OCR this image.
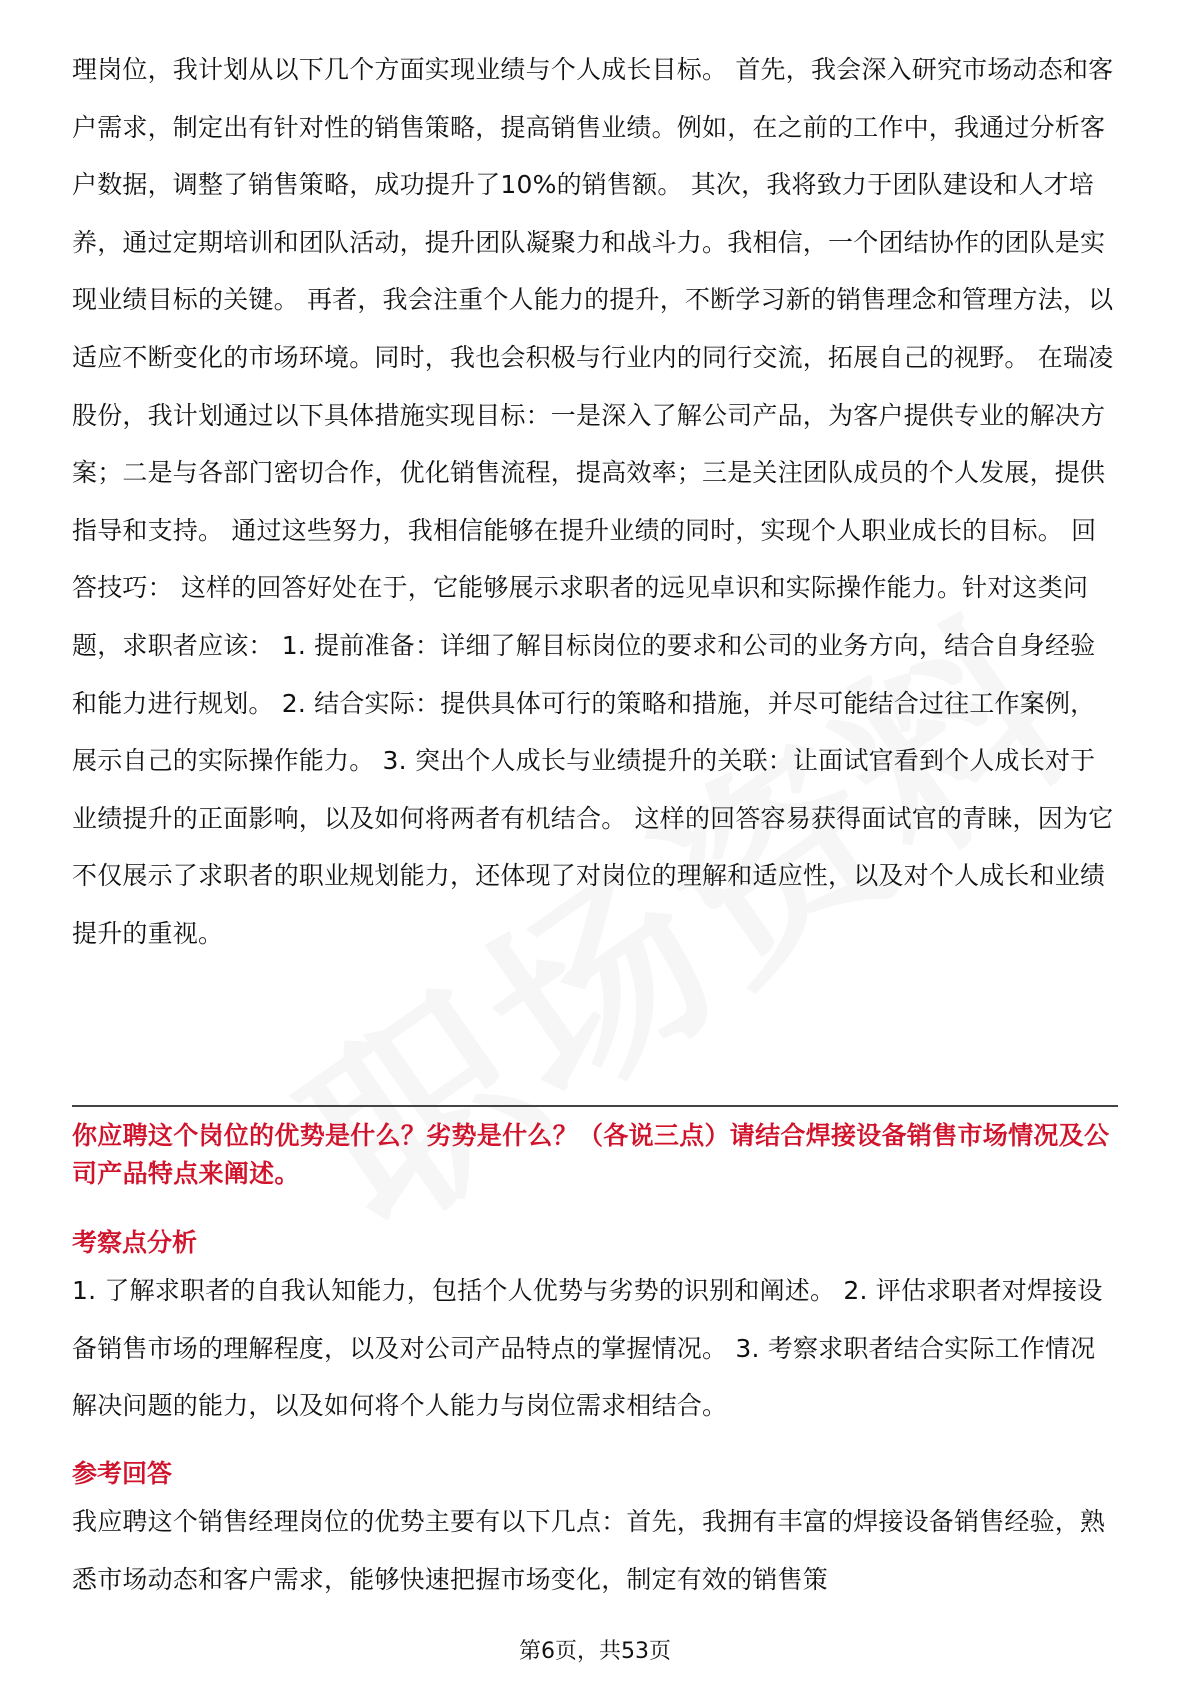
理岗位，我计划从以下几个方面实现业绩与个人成长目标。 首先，我会深入研究市场动态和客户需求，制定出有针对性的销售策略，提高销售业绩。例如，在之前的工作中，我通过分析客户数据，调整了销售策略，成功提升了10%的销售额。 其次，我将致力于团队建设和人才培养，通过定期培训和团队活动，提升团队凝聚力和战斗力。我相信，一个团结协作的团队是实现业绩目标的关键。 再者，我会注重个人能力的提升，不断学习新的销售理念和管理方法，以适应不断变化的市场环境。同时，我也会积极与行业内的同行交流，拓展自己的视野。 在瑞凌股份，我计划通过以下具体措施实现目标：一是深入了解公司产品，为客户提供专业的解决方案；二是与各部门密切合作，优化销售流程，提高效率；三是关注团队成员的个人发展，提供指导和支持。 通过这些努力，我相信能够在提升业绩的同时，实现个人职业成长的目标。 回答技巧： 这样的回答好处在于，它能够展示求职者的远见卓识和实际操作能力。针对这类问题，求职者应该： 1. 提前准备：详细了解目标岗位的要求和公司的业务方向，结合自身经验和能力进行规划。 2. 结合实际：提供具体可行的策略和措施，并尽可能结合过往工作案例，展示自己的实际操作能力。 3. 突出个人成长与业绩提升的关联：让面试官看到个人成长对于业绩提升的正面影响，以及如何将两者有机结合。 这样的回答容易获得面试官的青睐，因为它不仅展示了求职者的职业规划能力，还体现了对岗位的理解和适应性，以及对个人成长和业绩提升的重视。

你应聘这个岗位的优势是什么？劣势是什么？（各说三点）请结合焊接设备销售市场情况及公司产品特点来阐述。

考察点分析

1. 了解求职者的自我认知能力，包括个人优势与劣势的识别和阐述。 2. 评估求职者对焊接设备销售市场的理解程度，以及对公司产品特点的掌握情况。 3. 考察求职者结合实际工作情况解决问题的能力，以及如何将个人能力与岗位需求相结合。

参考回答

我应聘这个销售经理岗位的优势主要有以下几点：首先，我拥有丰富的焊接设备销售经验，熟悉市场动态和客户需求，能够快速把握市场变化，制定有效的销售策

第6页，共53页
